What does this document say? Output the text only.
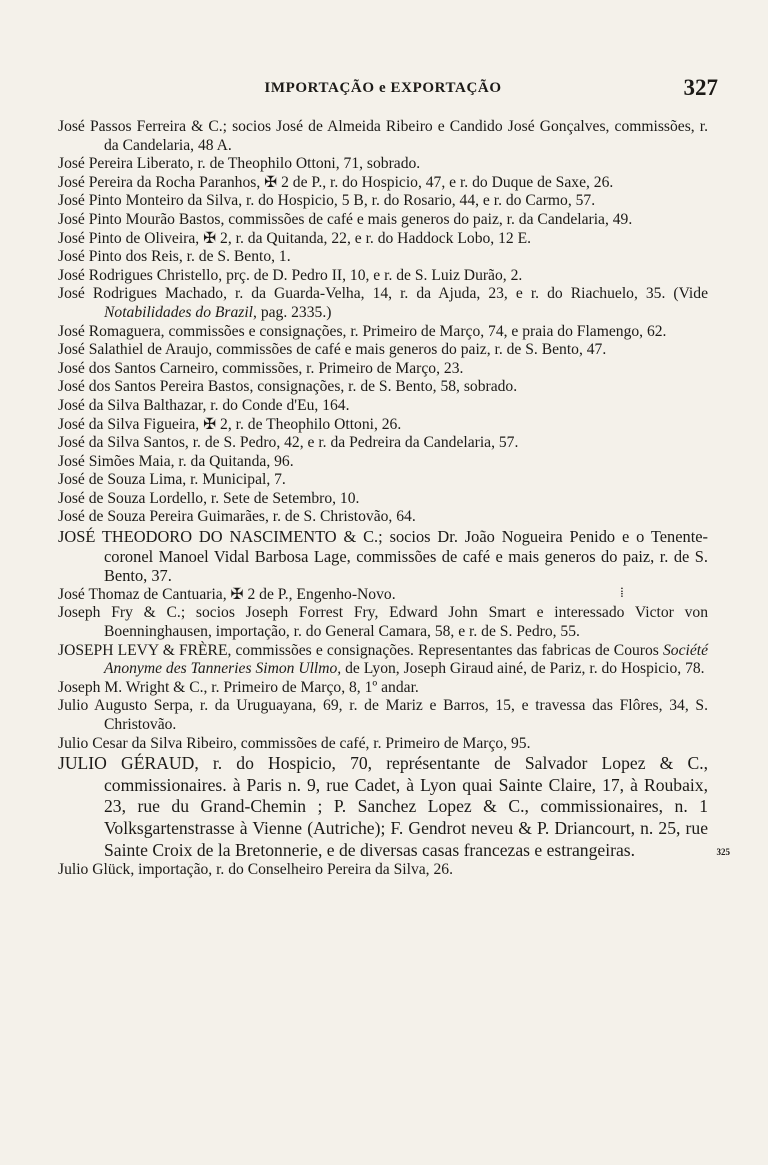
IMPORTAÇÃO e EXPORTAÇÃO	327
⁞

José Passos Ferreira & C.; socios José de Almeida Ribeiro e Candido José Gonçalves, commissões, r. da Candelaria, 48 A.

José Pereira Liberato, r. de Theophilo Ottoni, 71, sobrado.

José Pereira da Rocha Paranhos, ✠ 2 de P., r. do Hospicio, 47, e r. do Duque de Saxe, 26.

José Pinto Monteiro da Silva, r. do Hospicio, 5 B, r. do Rosario, 44, e r. do Carmo, 57.

José Pinto Mourão Bastos, commissões de café e mais generos do paiz, r. da Candelaria, 49.

José Pinto de Oliveira, ✠ 2, r. da Quitanda, 22, e r. do Haddock Lobo, 12 E.

José Pinto dos Reis, r. de S. Bento, 1.

José Rodrigues Christello, prç. de D. Pedro II, 10, e r. de S. Luiz Durão, 2.

José Rodrigues Machado, r. da Guarda-Velha, 14, r. da Ajuda, 23, e r. do Riachuelo, 35. (Vide Notabilidades do Brazil, pag. 2335.)

José Romaguera, commissões e consignações, r. Primeiro de Março, 74, e praia do Flamengo, 62.

José Salathiel de Araujo, commissões de café e mais generos do paiz, r. de S. Bento, 47.

José dos Santos Carneiro, commissões, r. Primeiro de Março, 23.

José dos Santos Pereira Bastos, consignações, r. de S. Bento, 58, sobrado.

José da Silva Balthazar, r. do Conde d'Eu, 164.

José da Silva Figueira, ✠ 2, r. de Theophilo Ottoni, 26.

José da Silva Santos, r. de S. Pedro, 42, e r. da Pedreira da Candelaria, 57.

José Simões Maia, r. da Quitanda, 96.

José de Souza Lima, r. Municipal, 7.

José de Souza Lordello, r. Sete de Setembro, 10.

José de Souza Pereira Guimarães, r. de S. Christovão, 64.

JOSÉ THEODORO DO NASCIMENTO & C.; socios Dr. João Nogueira Penido e o Tenente-coronel Manoel Vidal Barbosa Lage, commissões de café e mais generos do paiz, r. de S. Bento, 37.

José Thomaz de Cantuaria, ✠ 2 de P., Engenho-Novo.

Joseph Fry & C.; socios Joseph Forrest Fry, Edward John Smart e interessado Victor von Boenninghausen, importação, r. do General Camara, 58, e r. de S. Pedro, 55.

JOSEPH LEVY & FRÈRE, commissões e consignações. Representantes das fabricas de Couros Société Anonyme des Tanneries Simon Ullmo, de Lyon, Joseph Giraud ainé, de Pariz, r. do Hospicio, 78.

Joseph M. Wright & C., r. Primeiro de Março, 8, 1º andar.

Julio Augusto Serpa, r. da Uruguayana, 69, r. de Mariz e Barros, 15, e travessa das Flôres, 34, S. Christovão.

Julio Cesar da Silva Ribeiro, commissões de café, r. Primeiro de Março, 95.

JULIO GÉRAUD, r. do Hospicio, 70, représentante de Salvador Lopez & C., commissionaires. à Paris n. 9, rue Cadet, à Lyon quai Sainte Claire, 17, à Roubaix, 23, rue du Grand-Chemin ; P. Sanchez Lopez & C., commissionaires, n. 1 Volksgartenstrasse à Vienne (Autriche); F. Gendrot neveu & P. Driancourt, n. 25, rue Sainte Croix de la Bretonnerie, e de diversas casas francezas e estrangeiras.	325

Julio Glück, importação, r. do Conselheiro Pereira da Silva, 26.
